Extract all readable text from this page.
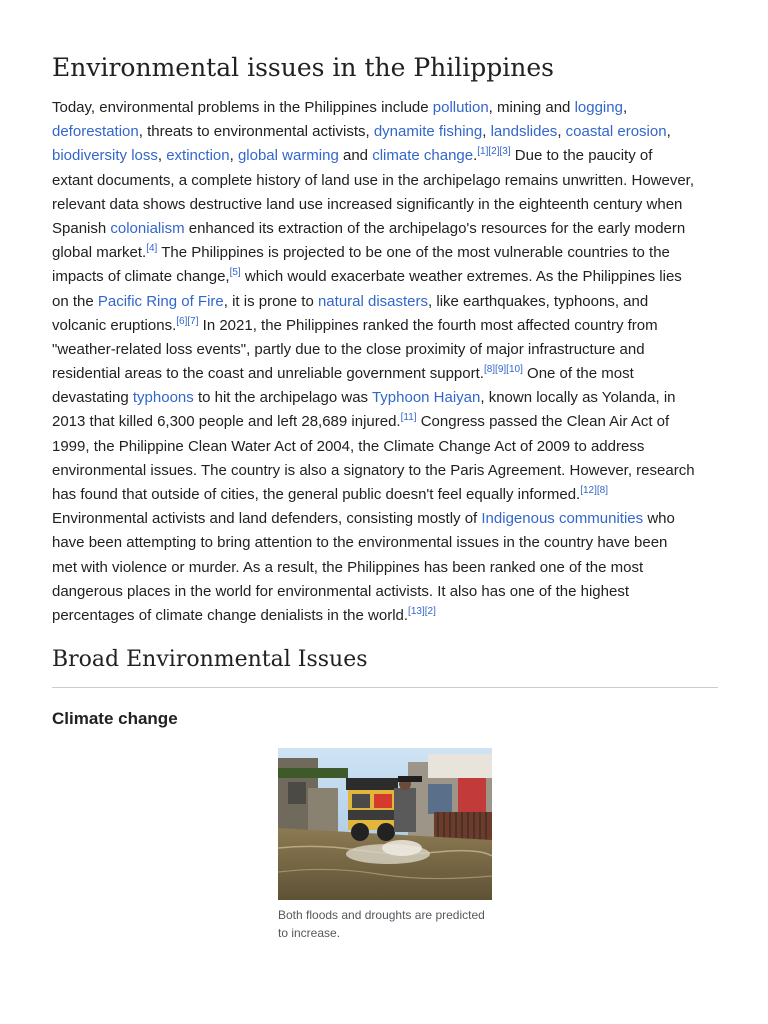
Environmental issues in the Philippines
Today, environmental problems in the Philippines include pollution, mining and logging,
deforestation, threats to environmental activists, dynamite fishing, landslides, coastal erosion,
biodiversity loss, extinction, global warming and climate change.[1][2][3] Due to the paucity of
extant documents, a complete history of land use in the archipelago remains unwritten. However,
relevant data shows destructive land use increased significantly in the eighteenth century when
Spanish colonialism enhanced its extraction of the archipelago's resources for the early modern
global market.[4] The Philippines is projected to be one of the most vulnerable countries to the
impacts of climate change,[5] which would exacerbate weather extremes. As the Philippines lies
on the Pacific Ring of Fire, it is prone to natural disasters, like earthquakes, typhoons, and
volcanic eruptions.[6][7] In 2021, the Philippines ranked the fourth most affected country from
"weather-related loss events", partly due to the close proximity of major infrastructure and
residential areas to the coast and unreliable government support.[8][9][10] One of the most
devastating typhoons to hit the archipelago was Typhoon Haiyan, known locally as Yolanda, in
2013 that killed 6,300 people and left 28,689 injured.[11] Congress passed the Clean Air Act of
1999, the Philippine Clean Water Act of 2004, the Climate Change Act of 2009 to address
environmental issues. The country is also a signatory to the Paris Agreement. However, research
has found that outside of cities, the general public doesn't feel equally informed.[12][8]
Environmental activists and land defenders, consisting mostly of Indigenous communities who
have been attempting to bring attention to the environmental issues in the country have been
met with violence or murder. As a result, the Philippines has been ranked one of the most
dangerous places in the world for environmental activists. It also has one of the highest
percentages of climate change denialists in the world.[13][2]
Broad Environmental Issues
Climate change
Both floods and droughts are predicted to increase.
